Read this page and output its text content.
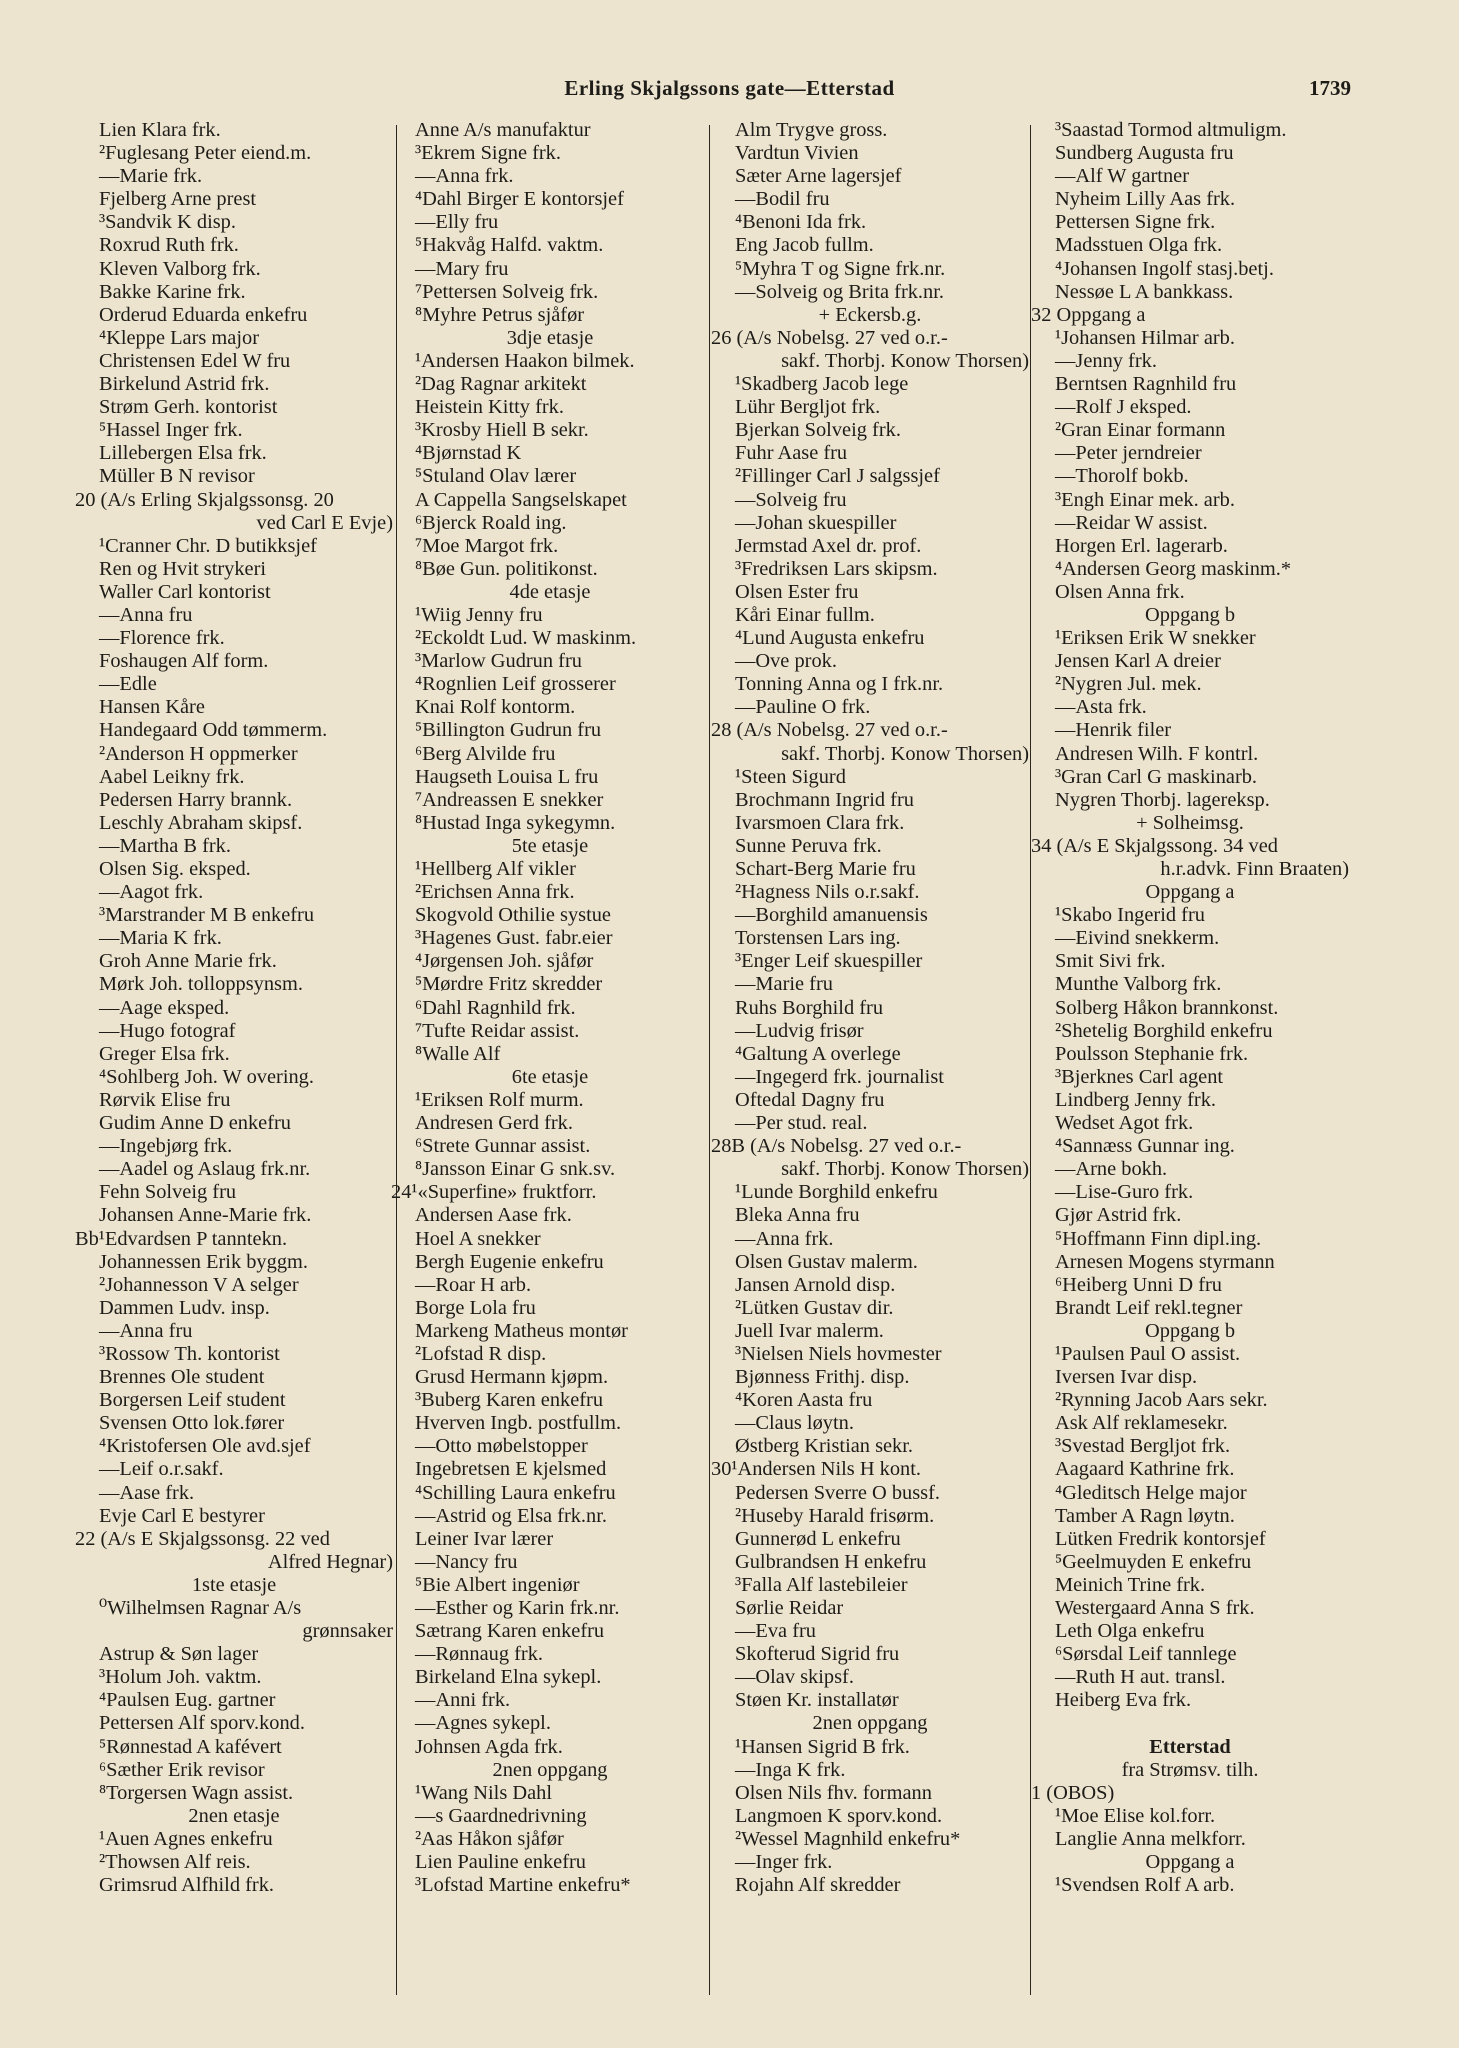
Erling Skjalgssons gate—Etterstad	1739
Lien Klara frk.
²Fuglesang Peter eiend.m.
—Marie frk.
Fjelberg Arne prest
³Sandvik K disp.
Roxrud Ruth frk.
Kleven Valborg frk.
Bakke Karine frk.
Orderud Eduarda enkefru
⁴Kleppe Lars major
Christensen Edel W fru
Birkelund Astrid frk.
Strøm Gerh. kontorist
⁵Hassel Inger frk.
Lillebergen Elsa frk.
Müller B N revisor
20 (A/s Erling Skjalgssonsg. 20
ved Carl E Evje)
¹Cranner Chr. D butikksjef
Ren og Hvit strykeri
Waller Carl kontorist
—Anna fru
—Florence frk.
Foshaugen Alf form.
—Edle
Hansen Kåre
Handegaard Odd tømmerm.
²Anderson H oppmerker
Aabel Leikny frk.
Pedersen Harry brannk.
Leschly Abraham skipsf.
—Martha B frk.
Olsen Sig. eksped.
—Aagot frk.
³Marstrander M B enkefru
—Maria K frk.
Groh Anne Marie frk.
Mørk Joh. tolloppsynsm.
—Aage eksped.
—Hugo fotograf
Greger Elsa frk.
⁴Sohlberg Joh. W overing.
Rørvik Elise fru
Gudim Anne D enkefru
—Ingebjørg frk.
—Aadel og Aslaug frk.nr.
Fehn Solveig fru
Johansen Anne-Marie frk.
Bb¹Edvardsen P tanntekn.
Johannessen Erik byggm.
²Johannesson V A selger
Dammen Ludv. insp.
—Anna fru
³Rossow Th. kontorist
Brennes Ole student
Borgersen Leif student
Svensen Otto lok.fører
⁴Kristofersen Ole avd.sjef
—Leif o.r.sakf.
—Aase frk.
Evje Carl E bestyrer
22 (A/s E Skjalgssonsg. 22 ved
Alfred Hegnar)
1ste etasje
⁰Wilhelmsen Ragnar A/s
grønnsaker
Astrup & Søn lager
³Holum Joh. vaktm.
⁴Paulsen Eug. gartner
Pettersen Alf sporv.kond.
⁵Rønnestad A kafévert
⁶Sæther Erik revisor
⁸Torgersen Wagn assist.
2nen etasje
¹Auen Agnes enkefru
²Thowsen Alf reis.
Grimsrud Alfhild frk.
Anne A/s manufaktur
³Ekrem Signe frk.
—Anna frk.
⁴Dahl Birger E kontorsjef
—Elly fru
⁵Hakvåg Halfd. vaktm.
—Mary fru
⁷Pettersen Solveig frk.
⁸Myhre Petrus sjåfør
3dje etasje
¹Andersen Haakon bilmek.
²Dag Ragnar arkitekt
Heistein Kitty frk.
³Krosby Hiell B sekr.
⁴Bjørnstad K
⁵Stuland Olav lærer
A Cappella Sangselskapet
⁶Bjerck Roald ing.
⁷Moe Margot frk.
⁸Bøe Gun. politikonst.
4de etasje
¹Wiig Jenny fru
²Eckoldt Lud. W maskinm.
³Marlow Gudrun fru
⁴Rognlien Leif grosserer
Knai Rolf kontorm.
⁵Billington Gudrun fru
⁶Berg Alvilde fru
Haugseth Louisa L fru
⁷Andreassen E snekker
⁸Hustad Inga sykegymn.
5te etasje
¹Hellberg Alf vikler
²Erichsen Anna frk.
Skogvold Othilie systue
³Hagenes Gust. fabr.eier
⁴Jørgensen Joh. sjåfør
⁵Mørdre Fritz skredder
⁶Dahl Ragnhild frk.
⁷Tufte Reidar assist.
⁸Walle Alf
6te etasje
¹Eriksen Rolf murm.
Andresen Gerd frk.
⁶Strete Gunnar assist.
⁸Jansson Einar G snk.sv.
24¹«Superfine» fruktforr.
Andersen Aase frk.
Hoel A snekker
Bergh Eugenie enkefru
—Roar H arb.
Borge Lola fru
Markeng Matheus montør
²Lofstad R disp.
Grusd Hermann kjøpm.
³Buberg Karen enkefru
Hverven Ingb. postfullm.
—Otto møbelstopper
Ingebretsen E kjelsmed
⁴Schilling Laura enkefru
—Astrid og Elsa frk.nr.
Leiner Ivar lærer
—Nancy fru
⁵Bie Albert ingeniør
—Esther og Karin frk.nr.
Sætrang Karen enkefru
—Rønnaug frk.
Birkeland Elna sykepl.
—Anni frk.
—Agnes sykepl.
Johnsen Agda frk.
2nen oppgang
¹Wang Nils Dahl
—s Gaardnedrivning
²Aas Håkon sjåfør
Lien Pauline enkefru
³Lofstad Martine enkefru*
Alm Trygve gross.
Vardtun Vivien
Sæter Arne lagersjef
—Bodil fru
⁴Benoni Ida frk.
Eng Jacob fullm.
⁵Myhra T og Signe frk.nr.
—Solveig og Brita frk.nr.
+ Eckersb.g.
26 (A/s Nobelsg. 27 ved o.r.-
sakf. Thorbj. Konow Thorsen)
¹Skadberg Jacob lege
Lühr Bergljot frk.
Bjerkan Solveig frk.
Fuhr Aase fru
²Fillinger Carl J salgssjef
—Solveig fru
—Johan skuespiller
Jermstad Axel dr. prof.
³Fredriksen Lars skipsm.
Olsen Ester fru
Kåri Einar fullm.
⁴Lund Augusta enkefru
—Ove prok.
Tonning Anna og I frk.nr.
—Pauline O frk.
28 (A/s Nobelsg. 27 ved o.r.-
sakf. Thorbj. Konow Thorsen)
¹Steen Sigurd
Brochmann Ingrid fru
Ivarsmoen Clara frk.
Sunne Peruva frk.
Schart-Berg Marie fru
²Hagness Nils o.r.sakf.
—Borghild amanuensis
Torstensen Lars ing.
³Enger Leif skuespiller
—Marie fru
Ruhs Borghild fru
—Ludvig frisør
⁴Galtung A overlege
—Ingegerd frk. journalist
Oftedal Dagny fru
—Per stud. real.
28B (A/s Nobelsg. 27 ved o.r.-
sakf. Thorbj. Konow Thorsen)
¹Lunde Borghild enkefru
Bleka Anna fru
—Anna frk.
Olsen Gustav malerm.
Jansen Arnold disp.
²Lütken Gustav dir.
Juell Ivar malerm.
³Nielsen Niels hovmester
Bjønness Frithj. disp.
⁴Koren Aasta fru
—Claus løytn.
Østberg Kristian sekr.
30¹Andersen Nils H kont.
Pedersen Sverre O bussf.
²Huseby Harald frisørm.
Gunnerød L enkefru
Gulbrandsen H enkefru
³Falla Alf lastebileier
Sørlie Reidar
—Eva fru
Skofterud Sigrid fru
—Olav skipsf.
Støen Kr. installatør
2nen oppgang
¹Hansen Sigrid B frk.
—Inga K frk.
Olsen Nils fhv. formann
Langmoen K sporv.kond.
²Wessel Magnhild enkefru*
—Inger frk.
Rojahn Alf skredder
³Saastad Tormod altmuligm.
Sundberg Augusta fru
—Alf W gartner
Nyheim Lilly Aas frk.
Pettersen Signe frk.
Madsstuen Olga frk.
⁴Johansen Ingolf stasj.betj.
Nessøe L A bankkass.
32 Oppgang a
¹Johansen Hilmar arb.
—Jenny frk.
Berntsen Ragnhild fru
—Rolf J eksped.
²Gran Einar formann
—Peter jerndreier
—Thorolf bokb.
³Engh Einar mek. arb.
—Reidar W assist.
Horgen Erl. lagerarb.
⁴Andersen Georg maskinm.*
Olsen Anna frk.
Oppgang b
¹Eriksen Erik W snekker
Jensen Karl A dreier
²Nygren Jul. mek.
—Asta frk.
—Henrik filer
Andresen Wilh. F kontrl.
³Gran Carl G maskinarb.
Nygren Thorbj. lagereksp.
+ Solheimsg.
34 (A/s E Skjalgssong. 34 ved
h.r.advk. Finn Braaten)
Oppgang a
¹Skabo Ingerid fru
—Eivind snekkerm.
Smit Sivi frk.
Munthe Valborg frk.
Solberg Håkon brannkonst.
²Shetelig Borghild enkefru
Poulsson Stephanie frk.
³Bjerknes Carl agent
Lindberg Jenny frk.
Wedset Agot frk.
⁴Sannæss Gunnar ing.
—Arne bokh.
—Lise-Guro frk.
Gjør Astrid frk.
⁵Hoffmann Finn dipl.ing.
Arnesen Mogens styrmann
⁶Heiberg Unni D fru
Brandt Leif rekl.tegner
Oppgang b
¹Paulsen Paul O assist.
Iversen Ivar disp.
²Rynning Jacob Aars sekr.
Ask Alf reklamesekr.
³Svestad Bergljot frk.
Aagaard Kathrine frk.
⁴Gleditsch Helge major
Tamber A Ragn løytn.
Lütken Fredrik kontorsjef
⁵Geelmuyden E enkefru
Meinich Trine frk.
Westergaard Anna S frk.
Leth Olga enkefru
⁶Sørsdal Leif tannlege
—Ruth H aut. transl.
Heiberg Eva frk.
Etterstad
fra Strømsv. tilh.
1 (OBOS)
¹Moe Elise kol.forr.
Langlie Anna melkforr.
Oppgang a
¹Svendsen Rolf A arb.
